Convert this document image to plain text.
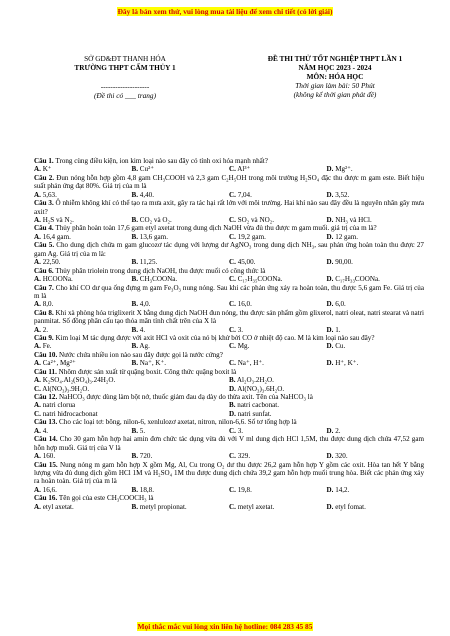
Đây là bản xem thử, vui lòng mua tài liệu để xem chi tiết (có lời giải)
SỞ GD&ĐT THANH HÓA
TRƯỜNG THPT CẨM THỦY 1
--------------------
(Đề thi có ___ trang)
ĐỀ THI THỬ TỐT NGHIỆP THPT LẦN 1
NĂM HỌC 2023 - 2024
MÔN: HÓA HỌC
Thời gian làm bài: 50 Phút
(không kể thời gian phát đề)
Câu 1. Trong cùng điều kiện, ion kim loại nào sau đây có tính oxi hóa mạnh nhất?
A. K⁺	B. Cu²⁺	C. Al³⁺	D. Mg²⁺.
Câu 2. Đun nóng hỗn hợp gồm 4,8 gam CH₃COOH và 2,3 gam C₂H₅OH trong môi trường H₂SO₄ đặc thu được m gam este. Biết hiệu suất phản ứng đạt 80%. Giá trị của m là
A. 5,63.	B. 4,40.	C. 7,04.	D. 3,52.
Câu 3. Ô nhiễm không khí có thể tạo ra mưa axit, gây ra tác hại rất lớn với môi trường. Hai khí nào sau đây đều là nguyên nhân gây mưa axit?
A. H₂S và N₂.	B. CO₂ và O₂.	C. SO₂ và NO₂.	D. NH₃ và HCl.
Câu 4. Thủy phân hoàn toàn 17,6 gam etyl axetat trong dung dịch NaOH vừa đủ thu được m gam muối. giá trị của m là?
A. 16,4 gam.	B. 13,6 gam.	C. 19,2 gam.	D. 12 gam.
Câu 5. Cho dung dịch chứa m gam glucozơ tác dụng với lượng dư AgNO₃ trong dung dịch NH₃, sau phản ứng hoàn toàn thu được 27 gam Ag. Giá trị của m là:
A. 22,50.	B. 11,25.	C. 45,00.	D. 90,00.
Câu 6. Thủy phân triolein trong dung dịch NaOH, thu được muối có công thức là
A. HCOONa.	B. CH₃COONa.	C. C₁₇H₃₅COONa.	D. C₁₇H₃₃COONa.
Câu 7. Cho khí CO dư qua ống đựng m gam Fe₃O₃ nung nóng. Sau khi các phản ứng xảy ra hoàn toàn, thu được 5,6 gam Fe. Giá trị của m là
A. 8,0.	B. 4,0.	C. 16,0.	D. 6,0.
Câu 8. Khi xà phòng hóa triglixerit X bằng dung dịch NaOH đun nóng, thu được sản phẩm gồm glixerol, natri oleat, natri stearat và natri panmitat. Số đồng phân cấu tạo thỏa mãn tính chất trên của X là
A. 2.	B. 4.	C. 3.	D. 1.
Câu 9. Kim loại M tác dụng được với axit HCl và oxit của nó bị khử bởi CO ở nhiệt độ cao. M là kim loại nào sau đây?
A. Fe.	B. Ag.	C. Mg.	D. Cu.
Câu 10. Nước chứa nhiều ion nào sau đây được gọi là nước cứng?
A. Ca²⁺, Mg²⁺	B. Na⁺, K⁺.	C. Na⁺, H⁺.	D. H⁺, K⁺.
Câu 11. Nhôm được sản xuất từ quặng boxit. Công thức quặng boxit là
A. K₂SO₄.Al₂(SO₄)₃.24H₂O.	B. Al₂O₃.2H₂O.
C. Al(NO₃)₃.9H₂O.	D. Al(NO₃)₃.6H₂O.
Câu 12. NaHCO₃ được dùng làm bột nở, thuốc giảm đau dạ dày do thừa axit. Tên của NaHCO₃ là
A. natri clorua	B. natri cacbonat.
C. natri hiđrocacbonat	D. natri sunfat.
Câu 13. Cho các loại tơ: bông, nilon-6, xenlulozơ axetat, nitron, nilon-6,6. Số tơ tổng hợp là
A. 4.	B. 5.	C. 3.	D. 2.
Câu 14. Cho 30 gam hỗn hợp hai amin đơn chức tác dụng vừa đủ với V ml dung dịch HCl 1,5M, thu được dung dịch chứa 47,52 gam hỗn hợp muối. Giá trị của V là
A. 160.	B. 720.	C. 329.	D. 320.
Câu 15. Nung nóng m gam hỗn hợp X gồm Mg, Al, Cu trong O₂ dư thu được 26,2 gam hỗn hợp Y gồm các oxit. Hòa tan hết Y bằng lượng vừa đủ dung dịch gồm HCl 1M và H₂SO₄ 1M thu được dung dịch chứa 39,2 gam hỗn hợp muối trung hòa. Biết các phản ứng xảy ra hoàn toàn. Giá trị của m là
A. 16,6.	B. 18,8.	C. 19,8.	D. 14,2.
Câu 16. Tên gọi của este CH₃COOCH₃ là
A. etyl axetat.	B. metyl propionat.	C. metyl axetat.	D. etyl fomat.
Mọi thắc mắc vui lòng xin liên hệ hotline: 084 283 45 85
